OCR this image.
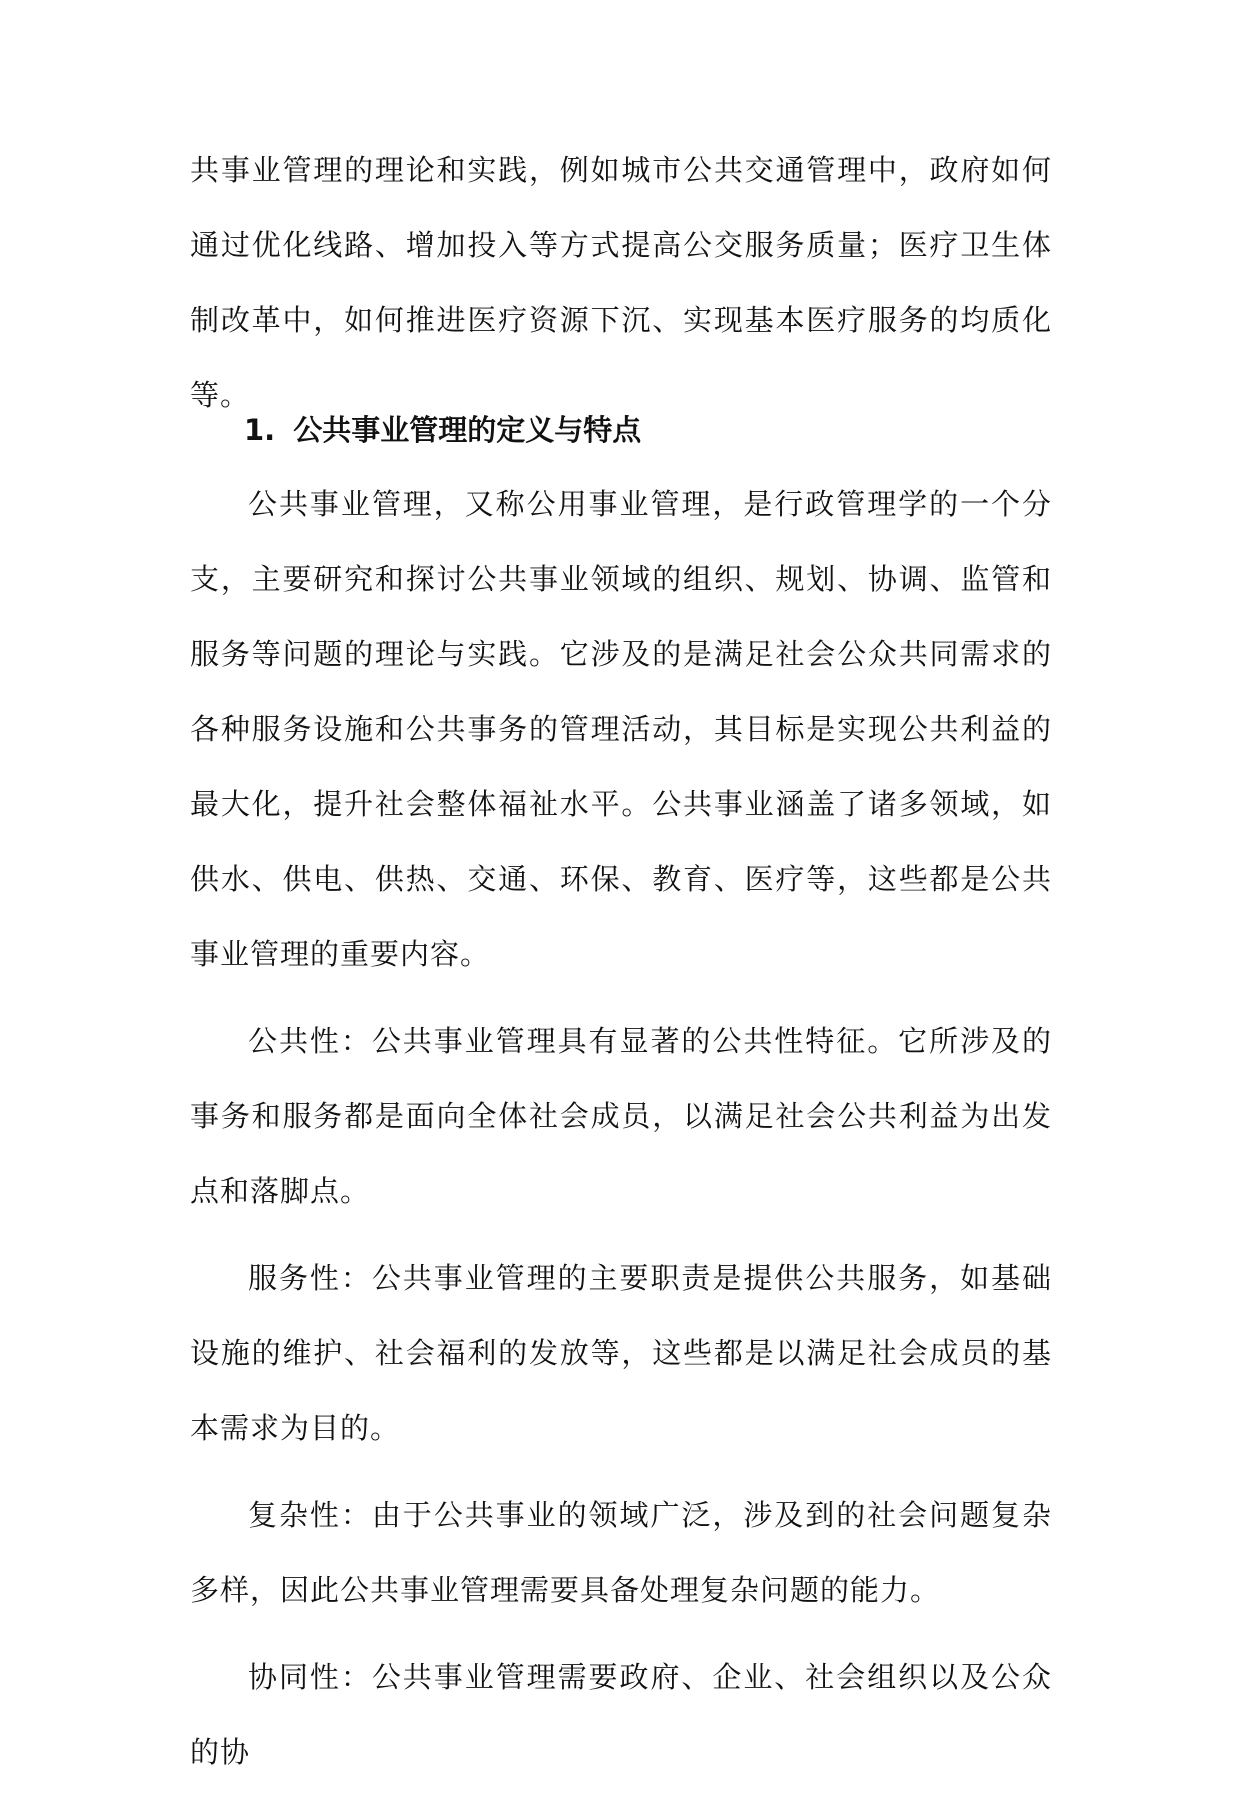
共事业管理的理论和实践，例如城市公共交通管理中，政府如何通过优化线路、增加投入等方式提高公交服务质量；医疗卫生体制改革中，如何推进医疗资源下沉、实现基本医疗服务的均质化等。

1. 公共事业管理的定义与特点

公共事业管理，又称公用事业管理，是行政管理学的一个分支，主要研究和探讨公共事业领域的组织、规划、协调、监管和服务等问题的理论与实践。它涉及的是满足社会公众共同需求的各种服务设施和公共事务的管理活动，其目标是实现公共利益的最大化，提升社会整体福祉水平。公共事业涵盖了诸多领域，如供水、供电、供热、交通、环保、教育、医疗等，这些都是公共事业管理的重要内容。

公共性：公共事业管理具有显著的公共性特征。它所涉及的事务和服务都是面向全体社会成员，以满足社会公共利益为出发点和落脚点。

服务性：公共事业管理的主要职责是提供公共服务，如基础设施的维护、社会福利的发放等，这些都是以满足社会成员的基本需求为目的。

复杂性：由于公共事业的领域广泛，涉及到的社会问题复杂多样，因此公共事业管理需要具备处理复杂问题的能力。

协同性：公共事业管理需要政府、企业、社会组织以及公众的协
